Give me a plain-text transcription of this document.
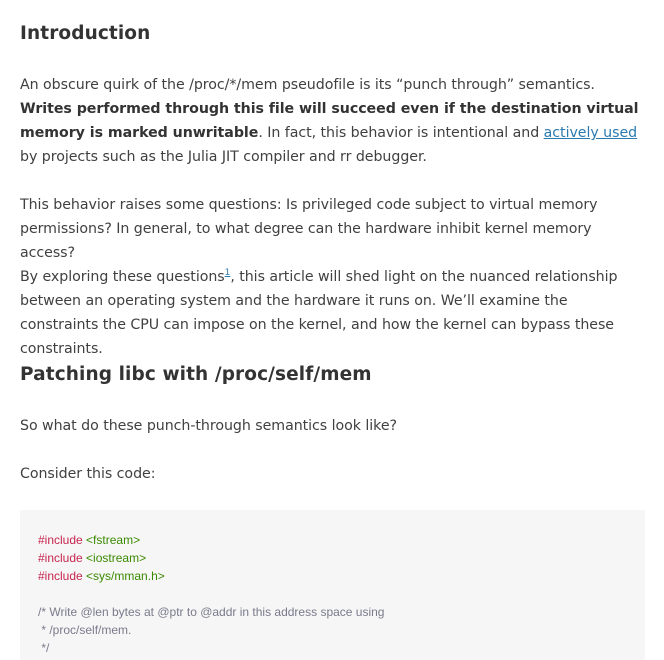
Introduction

An obscure quirk of the /proc/*/mem pseudofile is its “punch through” semantics. Writes performed through this file will succeed even if the destination virtual memory is marked unwritable. In fact, this behavior is intentional and actively used by projects such as the Julia JIT compiler and rr debugger.

This behavior raises some questions: Is privileged code subject to virtual memory permissions? In general, to what degree can the hardware inhibit kernel memory access?

By exploring these questions$^1$, this article will shed light on the nuanced relationship between an operating system and the hardware it runs on. We’ll examine the constraints the CPU can impose on the kernel, and how the kernel can bypass these constraints.

Patching libc with /proc/self/mem

So what do these punch-through semantics look like?

Consider this code:

#include <fstream>
#include <iostream>
#include <sys/mman.h>

/* Write @len bytes at @ptr to @addr in this address space using
* /proc/self/mem.
*/
